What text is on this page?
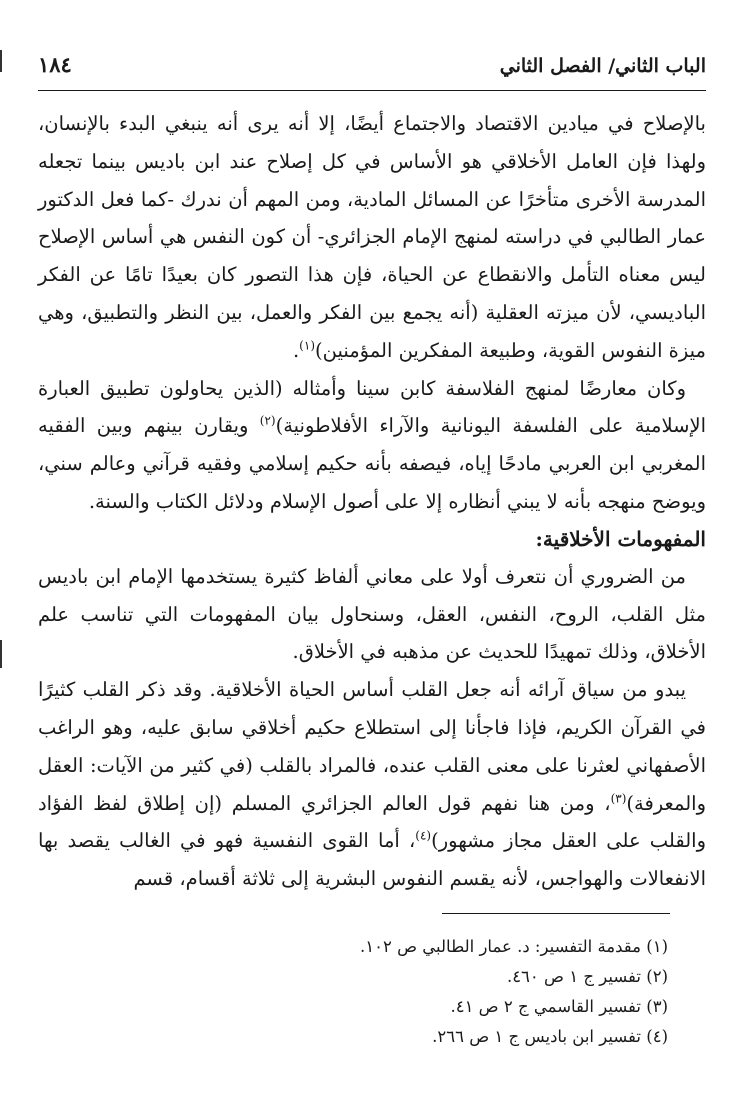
الباب الثاني/ الفصل الثاني
١٨٤

بالإصلاح في ميادين الاقتصاد والاجتماع أيضًا، إلا أنه يرى أنه ينبغي البدء بالإنسان، ولهذا فإن العامل الأخلاقي هو الأساس في كل إصلاح عند ابن باديس بينما تجعله المدرسة الأخرى متأخرًا عن المسائل المادية، ومن المهم أن ندرك -كما فعل الدكتور عمار الطالبي في دراسته لمنهج الإمام الجزائري- أن كون النفس هي أساس الإصلاح ليس معناه التأمل والانقطاع عن الحياة، فإن هذا التصور كان بعيدًا تامًا عن الفكر الباديسي، لأن ميزته العقلية (أنه يجمع بين الفكر والعمل، بين النظر والتطبيق، وهي ميزة النفوس القوية، وطبيعة المفكرين المؤمنين)$^{(١)}$.

وكان معارضًا لمنهج الفلاسفة كابن سينا وأمثاله (الذين يحاولون تطبيق العبارة الإسلامية على الفلسفة اليونانية والآراء الأفلاطونية)$^{(٢)}$ ويقارن بينهم وبين الفقيه المغربي ابن العربي مادحًا إياه، فيصفه بأنه حكيم إسلامي وفقيه قرآني وعالم سني، ويوضح منهجه بأنه لا يبني أنظاره إلا على أصول الإسلام ودلائل الكتاب والسنة.

المفهومات الأخلاقية:

من الضروري أن نتعرف أولا على معاني ألفاظ كثيرة يستخدمها الإمام ابن باديس مثل القلب، الروح، النفس، العقل، وسنحاول بيان المفهومات التي تناسب علم الأخلاق، وذلك تمهيدًا للحديث عن مذهبه في الأخلاق.

يبدو من سياق آرائه أنه جعل القلب أساس الحياة الأخلاقية. وقد ذكر القلب كثيرًا في القرآن الكريم، فإذا فاجأنا إلى استطلاع حكيم أخلاقي سابق عليه، وهو الراغب الأصفهاني لعثرنا على معنى القلب عنده، فالمراد بالقلب (في كثير من الآيات: العقل والمعرفة)$^{(٣)}$، ومن هنا نفهم قول العالم الجزائري المسلم (إن إطلاق لفظ الفؤاد والقلب على العقل مجاز مشهور)$^{(٤)}$، أما القوى النفسية فهو في الغالب يقصد بها الانفعالات والهواجس، لأنه يقسم النفوس البشرية إلى ثلاثة أقسام، قسم

(١) مقدمة التفسير: د. عمار الطالبي ص ١٠٢.
(٢) تفسير ج ١ ص ٤٦٠.
(٣) تفسير القاسمي ج ٢ ص ٤١.
(٤) تفسير ابن باديس ج ١ ص ٢٦٦.
